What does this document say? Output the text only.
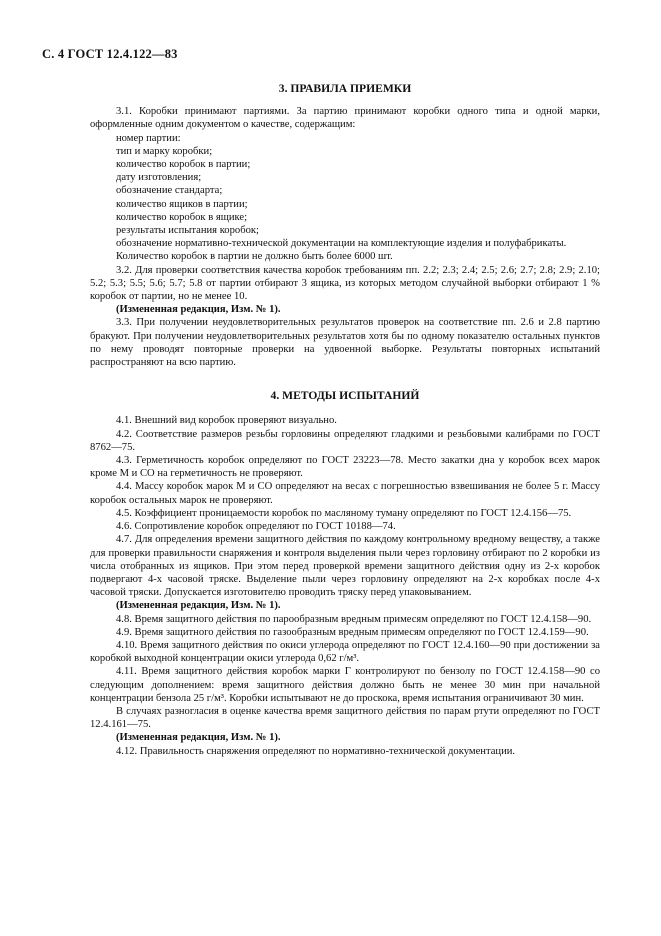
С. 4 ГОСТ 12.4.122—83
3. ПРАВИЛА ПРИЕМКИ

3.1. Коробки принимают партиями. За партию принимают коробки одного типа и одной марки, оформленные одним документом о качестве, содержащим:

номер партии:

тип и марку коробки;

количество коробок в партии;

дату изготовления;

обозначение стандарта;

количество ящиков в партии;

количество коробок в ящике;

результаты испытания коробок;

обозначение нормативно-технической документации на комплектующие изделия и полуфабрикаты.

Количество коробок в партии не должно быть более 6000 шт.

3.2. Для проверки соответствия качества коробок требованиям пп. 2.2; 2.3; 2.4; 2.5; 2.6; 2.7; 2.8; 2.9; 2.10; 5.2; 5.3; 5.5; 5.6; 5.7; 5.8 от партии отбирают 3 ящика, из которых методом случайной выборки отбирают 1 % коробок от партии, но не менее 10.

(Измененная редакция, Изм. № 1).

3.3. При получении неудовлетворительных результатов проверок на соответствие пп. 2.6 и 2.8 партию бракуют. При получении неудовлетворительных результатов хотя бы по одному показателю остальных пунктов по нему проводят повторные проверки на удвоенной выборке. Результаты повторных испытаний распространяют на всю партию.

4. МЕТОДЫ ИСПЫТАНИЙ

4.1. Внешний вид коробок проверяют визуально.

4.2. Соответствие размеров резьбы горловины определяют гладкими и резьбовыми калибрами по ГОСТ 8762—75.

4.3. Герметичность коробок определяют по ГОСТ 23223—78. Место закатки дна у коробок всех марок кроме М и СО на герметичность не проверяют.

4.4. Массу коробок марок М и СО определяют на весах с погрешностью взвешивания не более 5 г. Массу коробок остальных марок не проверяют.

4.5. Коэффициент проницаемости коробок по масляному туману определяют по ГОСТ 12.4.156—75.

4.6. Сопротивление коробок определяют по ГОСТ 10188—74.

4.7. Для определения времени защитного действия по каждому контрольному вредному веществу, а также для проверки правильности снаряжения и контроля выделения пыли через горловину отбирают по 2 коробки из числа отобранных из ящиков. При этом перед проверкой времени защитного действия одну из 2-х коробок подвергают 4-х часовой тряске. Выделение пыли через горловину определяют на 2-х коробках после 4-х часовой тряски. Допускается изготовителю проводить тряску перед упаковыванием.

(Измененная редакция, Изм. № 1).

4.8. Время защитного действия по парообразным вредным примесям определяют по ГОСТ 12.4.158—90.

4.9. Время защитного действия по газообразным вредным примесям определяют по ГОСТ 12.4.159—90.

4.10. Время защитного действия по окиси углерода определяют по ГОСТ 12.4.160—90 при достижении за коробкой выходной концентрации окиси углерода 0,62 г/м³.

4.11. Время защитного действия коробок марки Г контролируют по бензолу по ГОСТ 12.4.158—90 со следующим дополнением: время защитного действия должно быть не менее 30 мин при начальной концентрации бензола 25 г/м³. Коробки испытывают не до проскока, время испытания ограничивают 30 мин.

В случаях разногласия в оценке качества время защитного действия по парам ртути определяют по ГОСТ 12.4.161—75.

(Измененная редакция, Изм. № 1).

4.12. Правильность снаряжения определяют по нормативно-технической документации.
